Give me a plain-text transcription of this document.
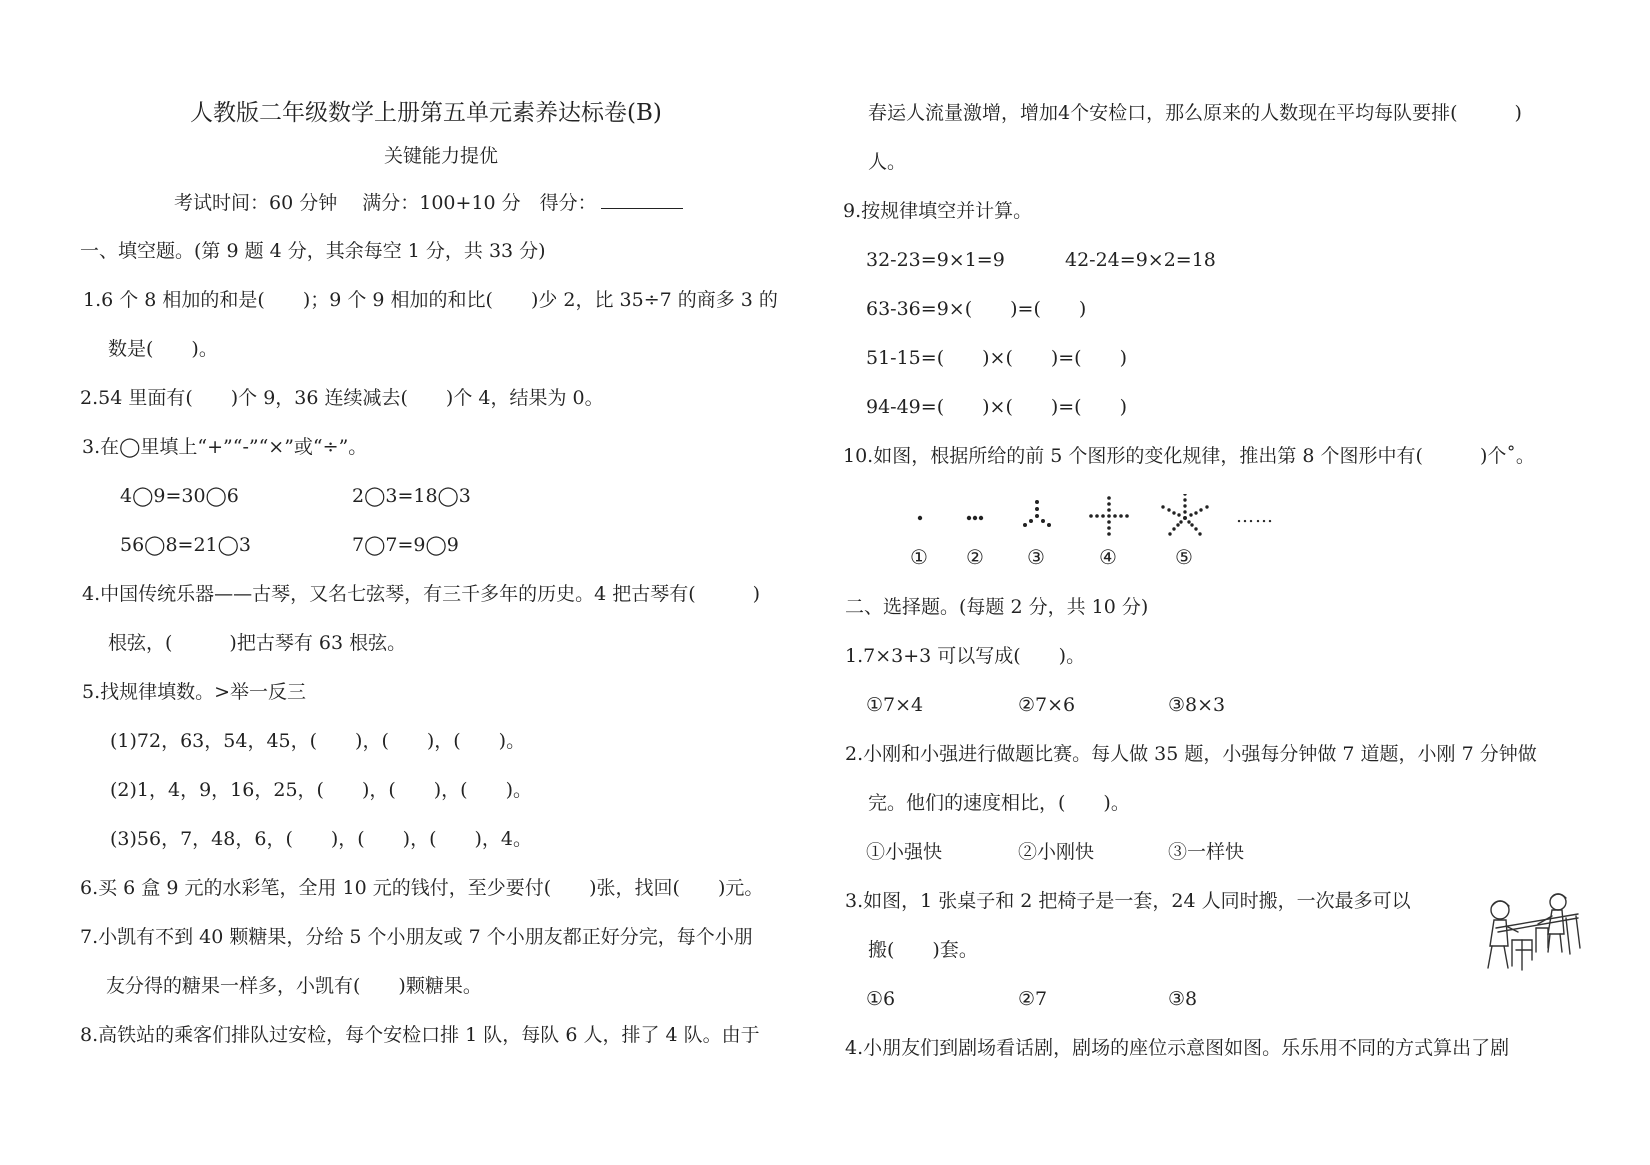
人教版二年级数学上册第五单元素养达标卷(B)
关键能力提优
考试时间：60 分钟　 满分：100+10 分　得分：
一、填空题。(第 9 题 4 分，其余每空 1 分，共 33 分)
1.6 个 8 相加的和是(　　)；9 个 9 相加的和比(　　)少 2，比 35÷7 的商多 3 的
数是(　　)。
2.54 里面有(　　)个 9，36 连续减去(　　)个 4，结果为 0。
3.在◯里填上“+”“-”“×”或“÷”。
4◯9=30◯6	2◯3=18◯3
56◯8=21◯3	7◯7=9◯9
4.中国传统乐器——古琴，又名七弦琴，有三千多年的历史。4 把古琴有(　　　)
根弦，(　　　)把古琴有 63 根弦。
5.找规律填数。>举一反三
(1)72，63，54，45，(　　)，(　　)，(　　)。
(2)1，4，9，16，25，(　　)，(　　)，(　　)。
(3)56，7，48，6，(　　)，(　　)，(　　)，4。
6.买 6 盒 9 元的水彩笔，全用 10 元的钱付，至少要付(　　)张，找回(　　)元。
7.小凯有不到 40 颗糖果，分给 5 个小朋友或 7 个小朋友都正好分完，每个小朋
友分得的糖果一样多，小凯有(　　)颗糖果。
8.高铁站的乘客们排队过安检，每个安检口排 1 队，每队 6 人，排了 4 队。由于
春运人流量激增，增加4个安检口，那么原来的人数现在平均每队要排(　　　)
人。
9.按规律填空并计算。
32-23=9×1=9	42-24=9×2=18
63-36=9×(　　)=(　　)
51-15=(　　)×(　　)=(　　)
94-49=(　　)×(　　)=(　　)
10.如图，根据所给的前 5 个图形的变化规律，推出第 8 个图形中有(　　　)个˚。
……
① ② ③	④	⑤
二、选择题。(每题 2 分，共 10 分)
1.7×3+3 可以写成(　　)。
①7×4	②7×6	③8×3
2.小刚和小强进行做题比赛。每人做 35 题，小强每分钟做 7 道题，小刚 7 分钟做
完。他们的速度相比，(　　)。
①小强快	②小刚快	③一样快
3.如图，1 张桌子和 2 把椅子是一套，24 人同时搬，一次最多可以
搬(　　)套。
①6	②7	③8
4.小朋友们到剧场看话剧，剧场的座位示意图如图。乐乐用不同的方式算出了剧
